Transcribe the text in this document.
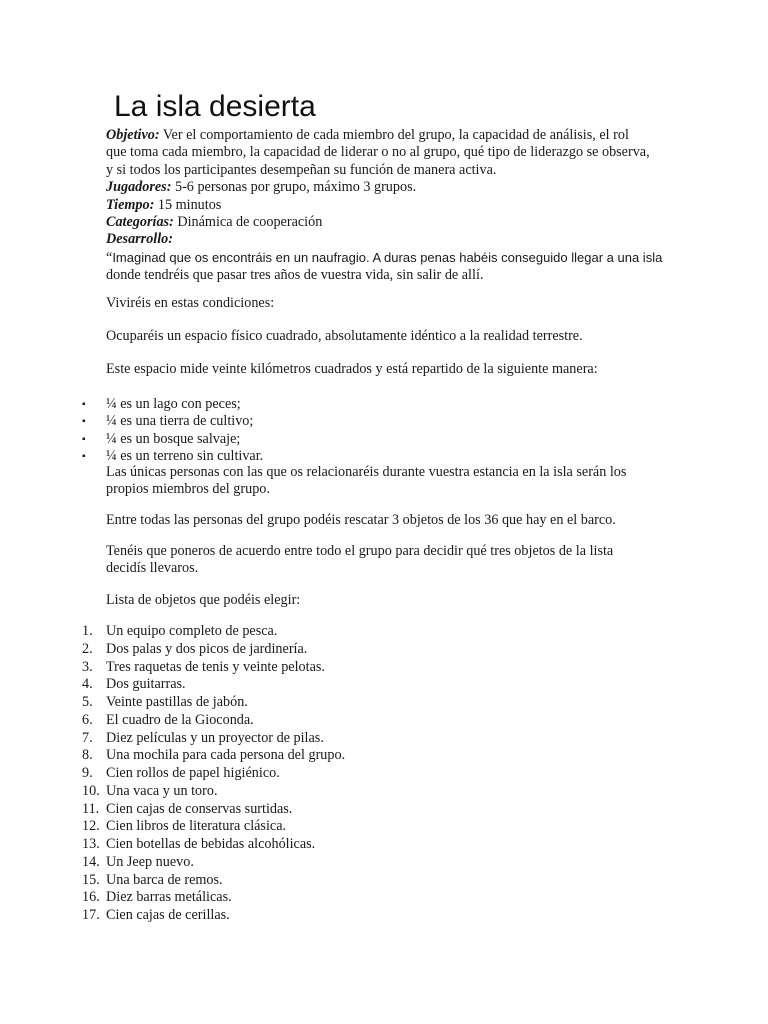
La isla desierta
Objetivo: Ver el comportamiento de cada miembro del grupo, la capacidad de análisis, el rol
que toma cada miembro, la capacidad de liderar o no al grupo, qué tipo de liderazgo se observa,
y si todos los participantes desempeñan su función de manera activa.
Jugadores: 5-6 personas por grupo, máximo 3 grupos.
Tiempo: 15 minutos
Categorías: Dinámica de cooperación
Desarrollo:
“Imaginad que os encontráis en un naufragio. A duras penas habéis conseguido llegar a una isla
donde tendréis que pasar tres años de vuestra vida, sin salir de allí.

Viviréis en estas condiciones:

Ocuparéis un espacio físico cuadrado, absolutamente idéntico a la realidad terrestre.

Este espacio mide veinte kilómetros cuadrados y está repartido de la siguiente manera:

▪ ¼ es un lago con peces;
▪ ¼ es una tierra de cultivo;
▪ ¼ es un bosque salvaje;
▪ ¼ es un terreno sin cultivar.
Las únicas personas con las que os relacionaréis durante vuestra estancia en la isla serán los
propios miembros del grupo.

Entre todas las personas del grupo podéis rescatar 3 objetos de los 36 que hay en el barco.

Tenéis que poneros de acuerdo entre todo el grupo para decidir qué tres objetos de la lista
decidís llevaros.

Lista de objetos que podéis elegir:

1. Un equipo completo de pesca.
2. Dos palas y dos picos de jardinería.
3. Tres raquetas de tenis y veinte pelotas.
4. Dos guitarras.
5. Veinte pastillas de jabón.
6. El cuadro de la Gioconda.
7. Diez películas y un proyector de pilas.
8. Una mochila para cada persona del grupo.
9. Cien rollos de papel higiénico.
10. Una vaca y un toro.
11. Cien cajas de conservas surtidas.
12. Cien libros de literatura clásica.
13. Cien botellas de bebidas alcohólicas.
14. Un Jeep nuevo.
15. Una barca de remos.
16. Diez barras metálicas.
17. Cien cajas de cerillas.
